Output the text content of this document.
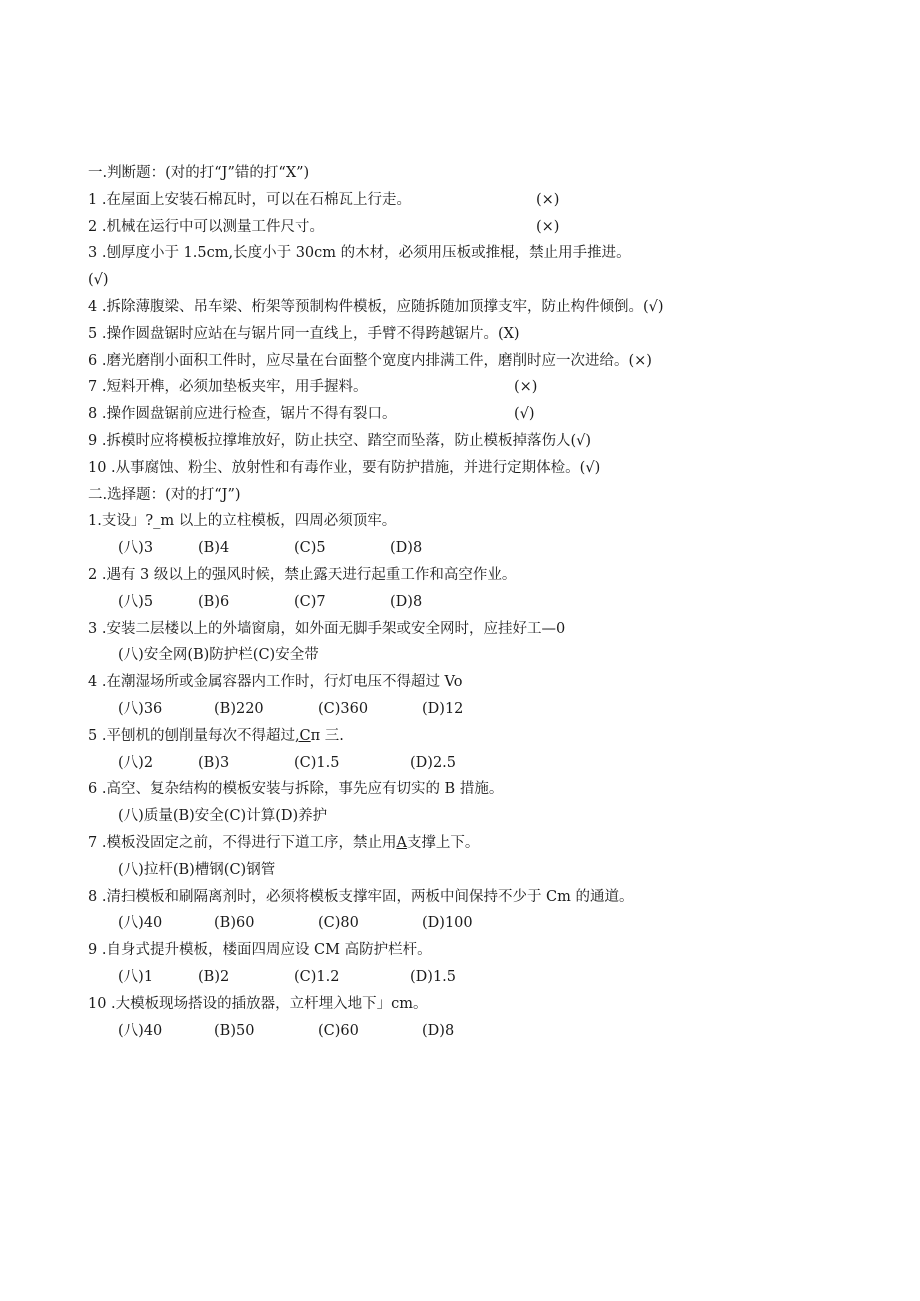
一.判断题：(对的打“J”错的打“X”)
1 .在屋面上安装石棉瓦时，可以在石棉瓦上行走。	(×)
2 .机械在运行中可以测量工件尺寸。	(×)
3 .刨厚度小于 1.5cm,长度小于 30cm 的木材，必须用压板或推棍，禁止用手推进。
(√)
4 .拆除薄腹梁、吊车梁、桁架等预制构件模板，应随拆随加顶撑支牢，防止构件倾倒。(√)
5 .操作圆盘锯时应站在与锯片同一直线上，手臂不得跨越锯片。(X)
6 .磨光磨削小面积工件时，应尽量在台面整个宽度内排满工件，磨削时应一次进给。(×)
7 .短料开榫，必须加垫板夹牢，用手握料。	(×)
8 .操作圆盘锯前应进行检查，锯片不得有裂口。	(√)
9 .拆模时应将模板拉撑堆放好，防止扶空、踏空而坠落，防止模板掉落伤人(√)
10 .从事腐蚀、粉尘、放射性和有毒作业，要有防护措施，并进行定期体检。(√)
二.选择题：(对的打“J”)
1.支设」?_m 以上的立柱模板，四周必须顶牢。
(八)3	(B)4	(C)5	(D)8
2 .遇有 3 级以上的强风时候，禁止露天进行起重工作和高空作业。
(八)5	(B)6	(C)7	(D)8
3 .安装二层楼以上的外墙窗扇，如外面无脚手架或安全网时，应挂好工—0
(八)安全网(B)防护栏(C)安全带
4 .在潮湿场所或金属容器内工作时，行灯电压不得超过 Vo
(八)36	(B)220	(C)360	(D)12
5 .平刨机的刨削量每次不得超过,Cπ 三.
(八)2	(B)3	(C)1.5	(D)2.5
6 .高空、复杂结构的模板安装与拆除，事先应有切实的 B 措施。
(八)质量(B)安全(C)计算(D)养护
7 .模板没固定之前，不得进行下道工序，禁止用A支撑上下。
(八)拉杆(B)槽钢(C)钢管
8 .清扫模板和刷隔离剂时，必须将模板支撑牢固，两板中间保持不少于 Cm 的通道。
(八)40	(B)60	(C)80	(D)100
9 .自身式提升模板，楼面四周应设 CM 高防护栏杆。
(八)1	(B)2	(C)1.2	(D)1.5
10 .大模板现场搭设的插放器，立杆埋入地下」cm。
(八)40	(B)50	(C)60	(D)8
